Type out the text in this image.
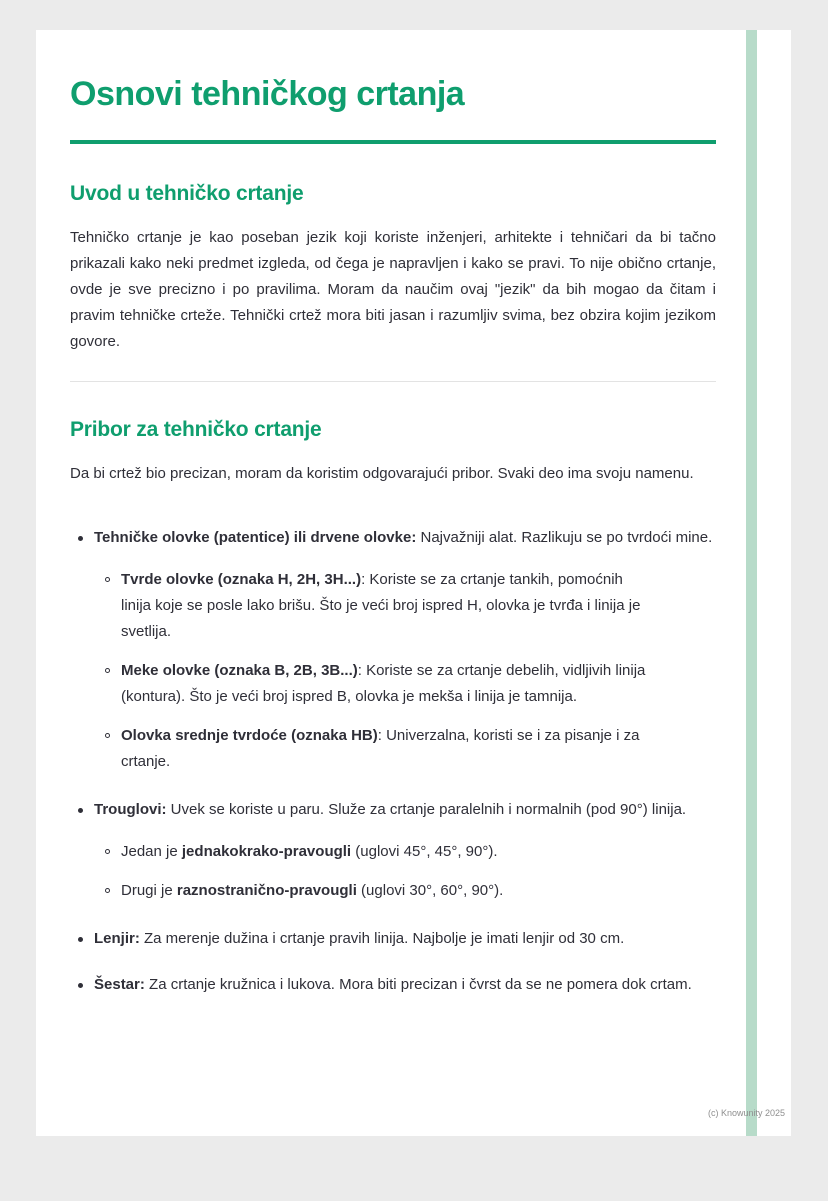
Osnovi tehničkog crtanja
Uvod u tehničko crtanje

Tehničko crtanje je kao poseban jezik koji koriste inženjeri, arhitekte i tehničari da bi tačno prikazali kako neki predmet izgleda, od čega je napravljen i kako se pravi. To nije obično crtanje, ovde je sve precizno i po pravilima. Moram da naučim ovaj "jezik" da bih mogao da čitam i pravim tehničke crteže. Tehnički crtež mora biti jasan i razumljiv svima, bez obzira kojim jezikom govore.

Pribor za tehničko crtanje

Da bi crtež bio precizan, moram da koristim odgovarajući pribor. Svaki deo ima svoju namenu.

Tehničke olovke (patentice) ili drvene olovke: Najvažniji alat. Razlikuju se po tvrdoći mine.
Tvrde olovke (oznaka H, 2H, 3H...): Koriste se za crtanje tankih, pomoćnih linija koje se posle lako brišu. Što je veći broj ispred H, olovka je tvrđa i linija je svetlija.
Meke olovke (oznaka B, 2B, 3B...): Koriste se za crtanje debelih, vidljivih linija (kontura). Što je veći broj ispred B, olovka je mekša i linija je tamnija.
Olovka srednje tvrdoće (oznaka HB): Univerzalna, koristi se i za pisanje i za crtanje.
Trouglovi: Uvek se koriste u paru. Služe za crtanje paralelnih i normalnih (pod 90°) linija.
Jedan je jednakokrako-pravougli (uglovi 45°, 45°, 90°).
Drugi je raznostranično-pravougli (uglovi 30°, 60°, 90°).
Lenjir: Za merenje dužina i crtanje pravih linija. Najbolje je imati lenjir od 30 cm.
Šestar: Za crtanje kružnica i lukova. Mora biti precizan i čvrst da se ne pomera dok crtam.
(c) Knowunity 2025
